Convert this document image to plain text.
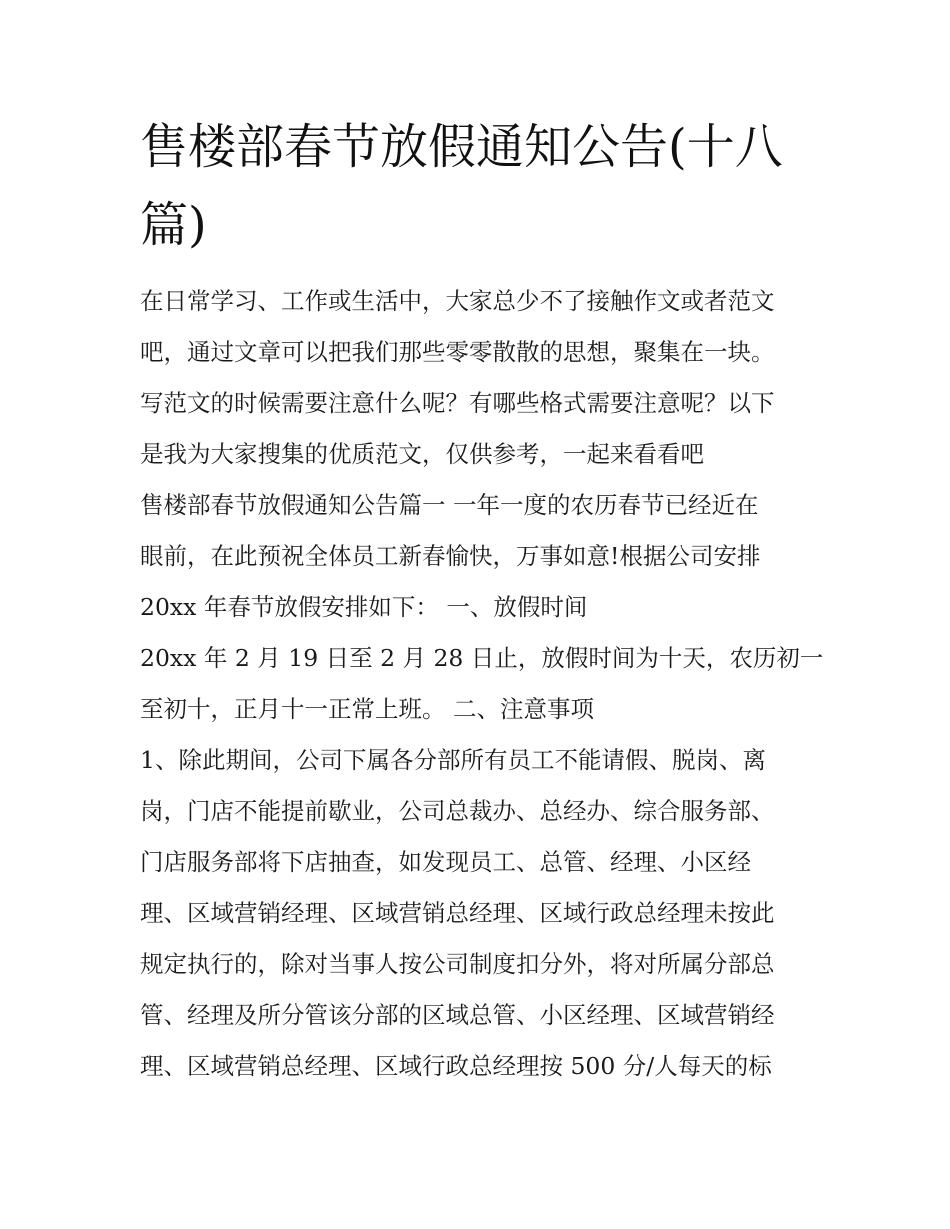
售楼部春节放假通知公告(十八
篇)
在日常学习、工作或生活中，大家总少不了接触作文或者范文
吧，通过文章可以把我们那些零零散散的思想，聚集在一块。
写范文的时候需要注意什么呢？有哪些格式需要注意呢？以下
是我为大家搜集的优质范文，仅供参考，一起来看看吧
售楼部春节放假通知公告篇一 一年一度的农历春节已经近在
眼前，在此预祝全体员工新春愉快，万事如意!根据公司安排
20xx 年春节放假安排如下： 一、放假时间
20xx 年 2 月 19 日至 2 月 28 日止，放假时间为十天，农历初一
至初十，正月十一正常上班。 二、注意事项
1、除此期间，公司下属各分部所有员工不能请假、脱岗、离
岗，门店不能提前歇业，公司总裁办、总经办、综合服务部、
门店服务部将下店抽查，如发现员工、总管、经理、小区经
理、区域营销经理、区域营销总经理、区域行政总经理未按此
规定执行的，除对当事人按公司制度扣分外，将对所属分部总
管、经理及所分管该分部的区域总管、小区经理、区域营销经
理、区域营销总经理、区域行政总经理按 500 分/人每天的标
